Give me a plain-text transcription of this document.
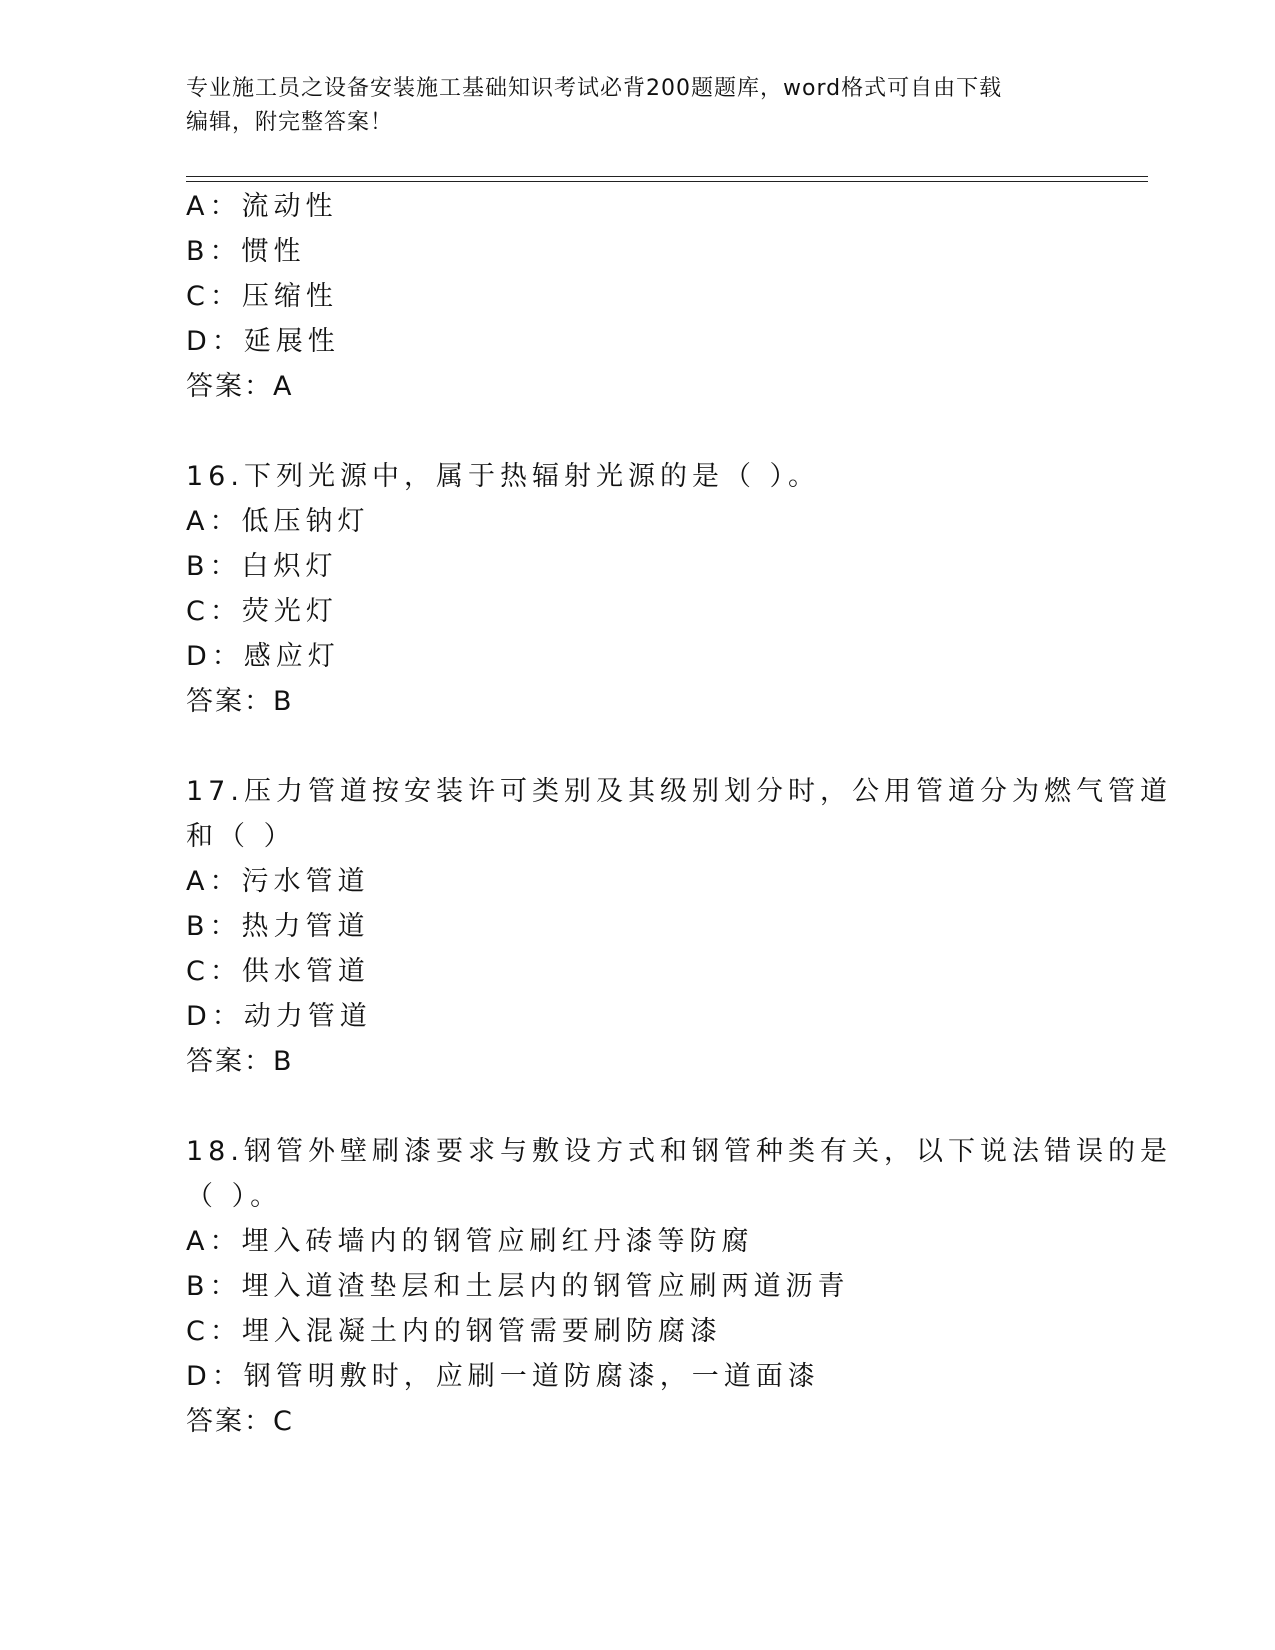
专业施工员之设备安装施工基础知识考试必背200题题库，word格式可自由下载
编辑，附完整答案！
A：流动性
B：惯性
C：压缩性
D：延展性
答案：A
16.下列光源中，属于热辐射光源的是（ ）。
A：低压钠灯
B：白炽灯
C：荧光灯
D：感应灯
答案：B
17.压力管道按安装许可类别及其级别划分时，公用管道分为燃气管道
和（ ）
A：污水管道
B：热力管道
C：供水管道
D：动力管道
答案：B
18.钢管外壁刷漆要求与敷设方式和钢管种类有关，以下说法错误的是
（ ）。
A：埋入砖墙内的钢管应刷红丹漆等防腐
B：埋入道渣垫层和土层内的钢管应刷两道沥青
C：埋入混凝土内的钢管需要刷防腐漆
D：钢管明敷时，应刷一道防腐漆，一道面漆
答案：C
